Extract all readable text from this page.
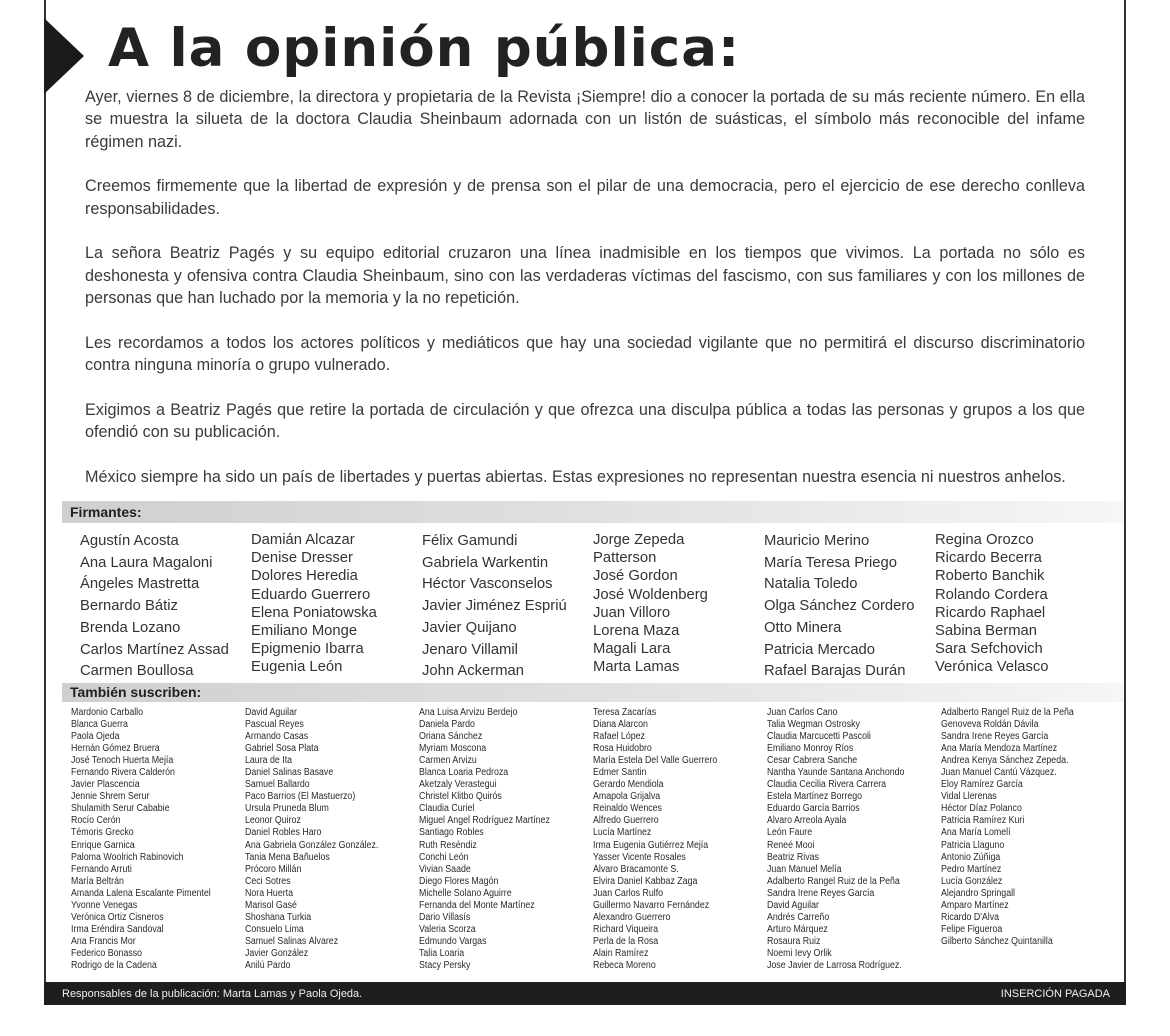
A la opinión pública:

Ayer, viernes 8 de diciembre, la directora y propietaria de la Revista ¡Siempre! dio a conocer la portada de su más reciente número. En ella se muestra la silueta de la doctora Claudia Sheinbaum adornada con un listón de suásticas, el símbolo más reconocible del infame régimen nazi.

Creemos firmemente que la libertad de expresión y de prensa son el pilar de una democracia, pero el ejercicio de ese derecho conlleva responsabilidades.

La señora Beatriz Pagés y su equipo editorial cruzaron una línea inadmisible en los tiempos que vivimos. La portada no sólo es deshonesta y ofensiva contra Claudia Sheinbaum, sino con las verdaderas víctimas del fascismo, con sus familiares y con los millones de personas que han luchado por la memoria y la no repetición.

Les recordamos a todos los actores políticos y mediáticos que hay una sociedad vigilante que no permitirá el discurso discriminatorio contra ninguna minoría o grupo vulnerado.

Exigimos a Beatriz Pagés que retire la portada de circulación y que ofrezca una disculpa pública a todas las personas y grupos a los que ofendió con su publicación.

México siempre ha sido un país de libertades y puertas abiertas. Estas expresiones no representan nuestra esencia ni nuestros anhelos.

Firmantes:
Agustín Acosta
Ana Laura Magaloni
Ángeles Mastretta
Bernardo Bátiz
Brenda Lozano
Carlos Martínez Assad
Carmen Boullosa
Damián Alcazar
Denise Dresser
Dolores Heredia
Eduardo Guerrero
Elena Poniatowska
Emiliano Monge
Epigmenio Ibarra
Eugenia León
Félix Gamundi
Gabriela Warkentin
Héctor Vasconselos
Javier Jiménez Espriú
Javier Quijano
Jenaro Villamil
John Ackerman
Jorge Zepeda
Patterson
José Gordon
José Woldenberg
Juan Villoro
Lorena Maza
Magali Lara
Marta Lamas
Mauricio Merino
María Teresa Priego
Natalia Toledo
Olga Sánchez Cordero
Otto Minera
Patricia Mercado
Rafael Barajas Durán
Regina Orozco
Ricardo Becerra
Roberto Banchik
Rolando Cordera
Ricardo Raphael
Sabina Berman
Sara Sefchovich
Verónica Velasco
También suscriben:
Mardonio Carballo
Blanca Guerra
Paola Ojeda
Hernán Gómez Bruera
José Tenoch Huerta Mejía
Fernando Rivera Calderón
Javier Plascencia
Jennie Shrem Serur
Shulamith Serur Cababie
Rocío Cerón
Témoris Grecko
Enrique Garnica
Paloma Woolrich Rabinovich
Fernando Arruti
María Beltrán
Amanda Lalena Escalante Pimentel
Yvonne Venegas
Verónica Ortiz Cisneros
Irma Eréndira Sandoval
Ana Francis Mor
Federico Bonasso
Rodrigo de la Cadena
David Aguilar
Pascual Reyes
Armando Casas
Gabriel Sosa Plata
Laura de Ita
Daniel Salinas Basave
Samuel Ballardo
Paco Barrios (El Mastuerzo)
Ursula Pruneda Blum
Leonor Quiroz
Daniel Robles Haro
Ana Gabriela González González.
Tania Mena Bañuelos
Prócoro Millán
Ceci Sotres
Nora Huerta
Marisol Gasé
Shoshana Turkia
Consuelo Lima
Samuel Salinas Álvarez
Javier González
Anilú Pardo
Ana Luisa Arvizu Berdejo
Daniela Pardo
Oriana Sánchez
Myriam Moscona
Carmen Arvizu
Blanca Loaria Pedroza
Aketzaly Verastegui
Christel Klitbo Quirós
Claudia Curiel
Miguel Ángel Rodríguez Martínez
Santiago Robles
Ruth Reséndiz
Conchi León
Vivian Saade
Diego Flores Magón
Michelle Solano Aguirre
Fernanda del Monte Martínez
Dario Villasís
Valeria Scorza
Edmundo Vargas
Talia Loaria
Stacy Persky
Teresa Zacarías
Diana Alarcon
Rafael López
Rosa Huidobro
María Estela Del Valle Guerrero
Edmer Santin
Gerardo Mendiola
Amapola Grijalva
Reinaldo Wences
Alfredo Guerrero
Lucía Martínez
Irma Eugenia Gutiérrez Mejía
Yasser Vicente Rosales
Álvaro Bracamonte S.
Elvira Daniel Kabbaz Zaga
Juan Carlos Rulfo
Guillermo Navarro Fernández
Alexandro Guerrero
Richard Viqueira
Perla de la Rosa
Alain Ramírez
Rebeca Moreno
Juan Carlos Cano
Talia Wegman Ostrosky
Claudia Marcucetti Pascoli
Emiliano Monroy Ríos
Cesar Cabrera Sanche
Nantha Yaunde Santana Anchondo
Claudia Cecilia Rivera Carrera
Estela Martínez Borrego
Eduardo García Barrios
Alvaro Arreola Ayala
León Faure
Reneé Mooi
Beatriz Rivas
Juan Manuel Melía
Adalberto Rangel Ruiz de la Peña
Sandra Irene Reyes García
David Aguilar
Andrés Carreño
Arturo Márquez
Rosaura Ruiz
Noemi Ievy Orlik
Jose Javier de Larrosa Rodríguez.
Adalberto Rangel Ruiz de la Peña
Genoveva Roldán Dávila
Sandra Irene Reyes García
Ana María Mendoza Martínez
Andrea Kenya Sánchez Zepeda.
Juan Manuel Cantú Vázquez.
Eloy Ramírez García
Vidal Llerenas
Héctor Díaz Polanco
Patricia Ramírez Kuri
Ana María Lomelí
Patricia Llaguno
Antonio Zúñiga
Pedro Martínez
Lucía González
Alejandro Springall
Amparo Martínez
Ricardo D'Alva
Felipe Figueroa
Gilberto Sánchez Quintanilla
Responsables de la publicación: Marta Lamas y Paola Ojeda.	INSERCIÓN PAGADA
